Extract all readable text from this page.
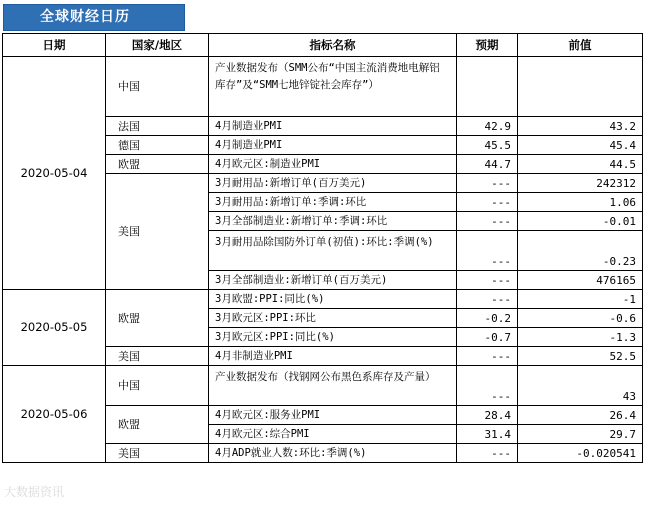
全球财经日历
日期	国家/地区	指标名称	预期	前值
2020-05-04	中国	产业数据发布（SMM公布“中国主流消费地电解铝库存”及“SMM七地锌锭社会库存”）		
	法国	4月制造业PMI	42.9	43.2
	德国	4月制造业PMI	45.5	45.4
	欧盟	4月欧元区:制造业PMI	44.7	44.5
	美国	3月耐用品:新增订单(百万美元)	---	242312
		3月耐用品:新增订单:季调:环比	---	1.06
		3月全部制造业:新增订单:季调:环比	---	-0.01
		3月耐用品除国防外订单(初值):环比:季调(%)	---	-0.23
		3月全部制造业:新增订单(百万美元)	---	476165
2020-05-05	欧盟	3月欧盟:PPI:同比(%)	---	-1
		3月欧元区:PPI:环比	-0.2	-0.6
		3月欧元区:PPI:同比(%)	-0.7	-1.3
	美国	4月非制造业PMI	---	52.5
2020-05-06	中国	产业数据发布（找钢网公布黑色系库存及产量）	---	43
	欧盟	4月欧元区:服务业PMI	28.4	26.4
		4月欧元区:综合PMI	31.4	29.7
	美国	4月ADP就业人数:环比:季调(%)	---	-0.020541
大数据资讯
